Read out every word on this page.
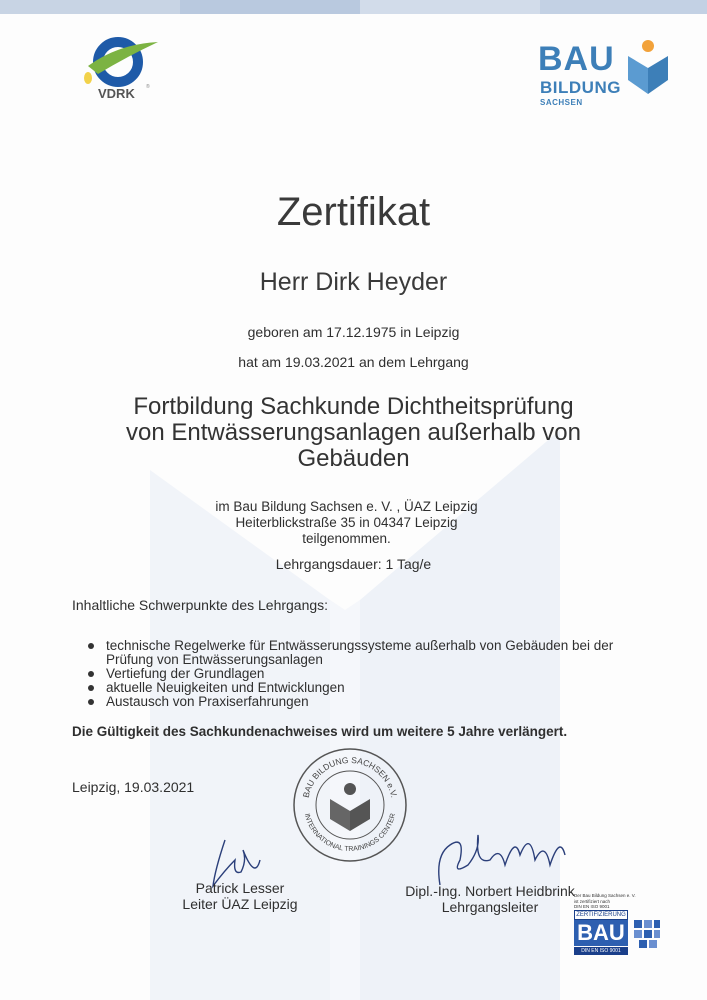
VDRK ®
BAU
BILDUNG
SACHSEN
Zertifikat
Herr Dirk Heyder
geboren am 17.12.1975 in Leipzig
hat am 19.03.2021 an dem Lehrgang
Fortbildung Sachkunde Dichtheitsprüfung
von Entwässerungsanlagen außerhalb von
Gebäuden
im Bau Bildung Sachsen e. V. , ÜAZ Leipzig
Heiterblickstraße 35 in 04347 Leipzig
teilgenommen.
Lehrgangsdauer: 1 Tag/e
Inhaltliche Schwerpunkte des Lehrgangs:
technische Regelwerke für Entwässerungssysteme außerhalb von Gebäuden bei der Prüfung von Entwässerungsanlagen
Vertiefung der Grundlagen
aktuelle Neuigkeiten und Entwicklungen
Austausch von Praxiserfahrungen
Die Gültigkeit des Sachkundenachweises wird um weitere 5 Jahre verlängert.
Leipzig, 19.03.2021	BAU BILDUNG SACHSEN e.V.
INTERNATIONAL TRAININGS CENTER
Patrick Lesser
Leiter ÜAZ Leipzig
Dipl.-Ing. Norbert Heidbrink
Lehrgangsleiter
Der Bau Bildung Sachsen e. V.
ist zertifiziert nach
DIN EN ISO 9001
ZERTIFIZIERUNG
BAU
DIN EN ISO 9001
